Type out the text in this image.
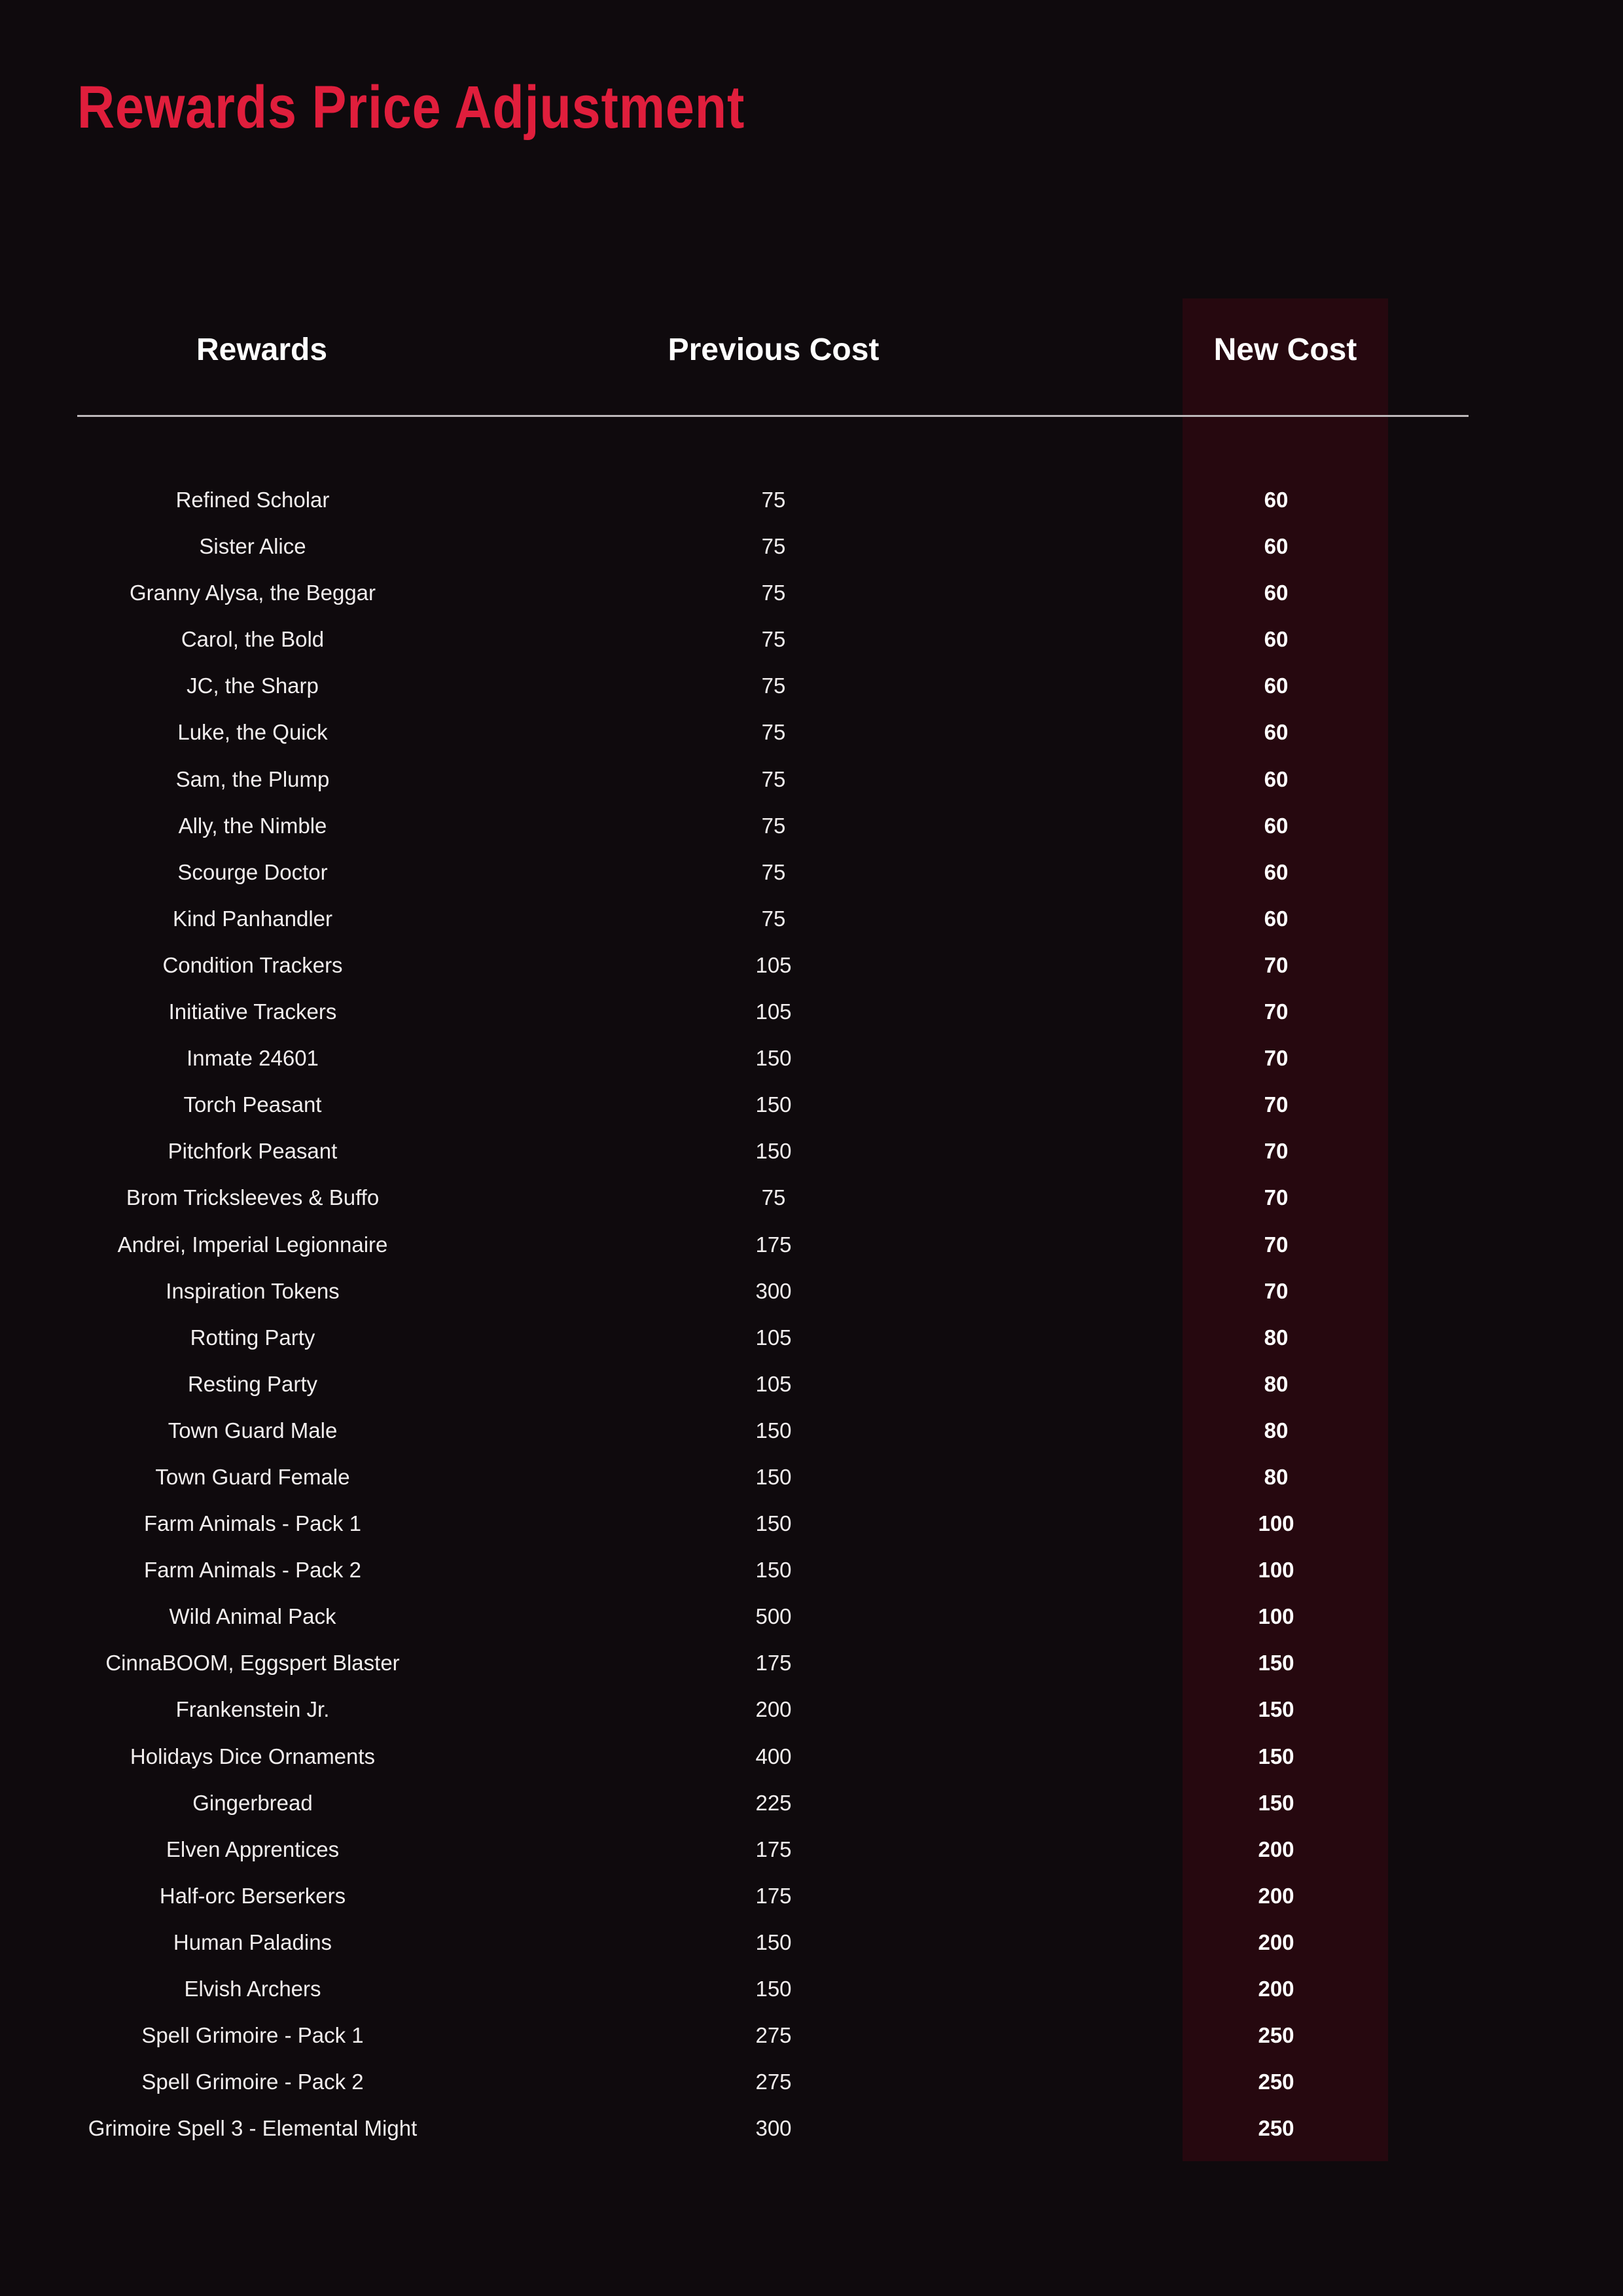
Rewards Price Adjustment
Rewards	Previous Cost	New Cost
Refined Scholar	75	60
Sister Alice	75	60
Granny Alysa, the Beggar	75	60
Carol, the Bold	75	60
JC, the Sharp	75	60
Luke, the Quick	75	60
Sam, the Plump	75	60
Ally, the Nimble	75	60
Scourge Doctor	75	60
Kind Panhandler	75	60
Condition Trackers	105	70
Initiative Trackers	105	70
Inmate 24601	150	70
Torch Peasant	150	70
Pitchfork Peasant	150	70
Brom Tricksleeves & Buffo	75	70
Andrei, Imperial Legionnaire	175	70
Inspiration Tokens	300	70
Rotting Party	105	80
Resting Party	105	80
Town Guard Male	150	80
Town Guard Female	150	80
Farm Animals - Pack 1	150	100
Farm Animals - Pack 2	150	100
Wild Animal Pack	500	100
CinnaBOOM, Eggspert Blaster	175	150
Frankenstein Jr.	200	150
Holidays Dice Ornaments	400	150
Gingerbread	225	150
Elven Apprentices	175	200
Half-orc Berserkers	175	200
Human Paladins	150	200
Elvish Archers	150	200
Spell Grimoire - Pack 1	275	250
Spell Grimoire - Pack 2	275	250
Grimoire Spell 3 - Elemental Might	300	250
